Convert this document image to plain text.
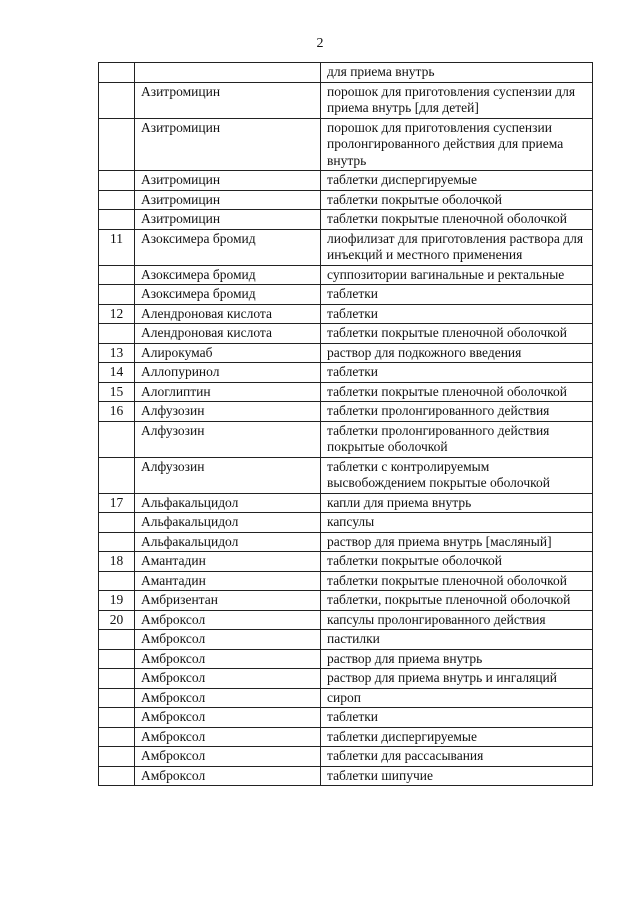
2
		для приема внутрь
	Азитромицин	порошок для приготовления суспензии для приема внутрь [для детей]
	Азитромицин	порошок для приготовления суспензии пролонгированного действия для приема внутрь
	Азитромицин	таблетки диспергируемые
	Азитромицин	таблетки покрытые оболочкой
	Азитромицин	таблетки покрытые пленочной оболочкой
11	Азоксимера бромид	лиофилизат для приготовления раствора для инъекций и местного применения
	Азоксимера бромид	суппозитории вагинальные и ректальные
	Азоксимера бромид	таблетки
12	Алендроновая кислота	таблетки
	Алендроновая кислота	таблетки покрытые пленочной оболочкой
13	Алирокумаб	раствор для подкожного введения
14	Аллопуринол	таблетки
15	Алоглиптин	таблетки покрытые пленочной оболочкой
16	Алфузозин	таблетки пролонгированного действия
	Алфузозин	таблетки пролонгированного действия покрытые оболочкой
	Алфузозин	таблетки с контролируемым высвобождением покрытые оболочкой
17	Альфакальцидол	капли для приема внутрь
	Альфакальцидол	капсулы
	Альфакальцидол	раствор для приема внутрь [масляный]
18	Амантадин	таблетки покрытые оболочкой
	Амантадин	таблетки покрытые пленочной оболочкой
19	Амбризентан	таблетки, покрытые пленочной оболочкой
20	Амброксол	капсулы пролонгированного действия
	Амброксол	пастилки
	Амброксол	раствор для приема внутрь
	Амброксол	раствор для приема внутрь и ингаляций
	Амброксол	сироп
	Амброксол	таблетки
	Амброксол	таблетки диспергируемые
	Амброксол	таблетки для рассасывания
	Амброксол	таблетки шипучие
